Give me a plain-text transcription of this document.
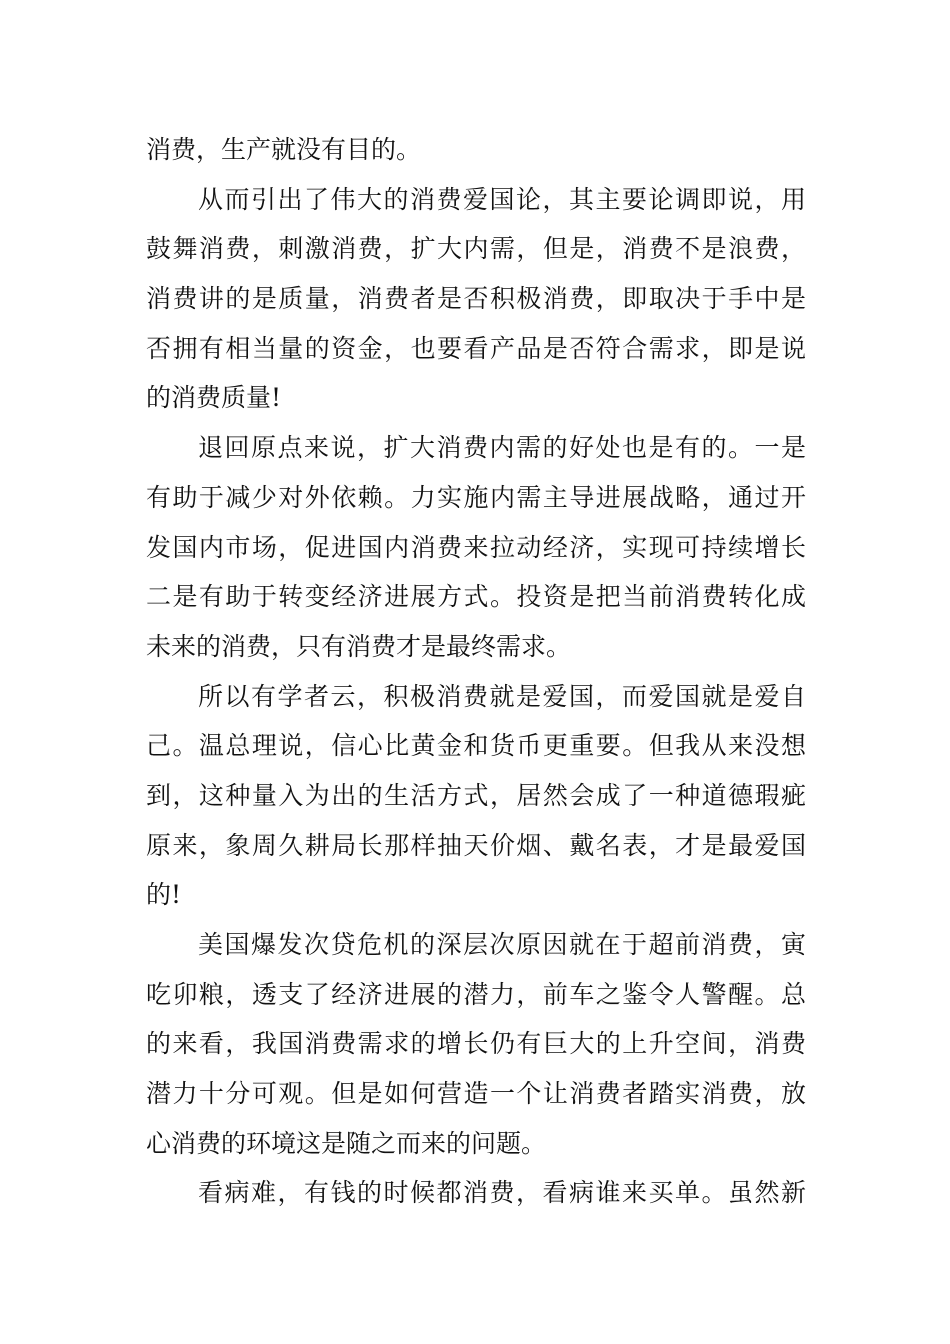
消费，生产就没有目的。
从而引出了伟大的消费爱国论，其主要论调即说，用
鼓舞消费，刺激消费，扩大内需，但是，消费不是浪费，
消费讲的是质量，消费者是否积极消费，即取决于手中是
否拥有相当量的资金，也要看产品是否符合需求，即是说
的消费质量!
退回原点来说，扩大消费内需的好处也是有的。一是
有助于减少对外依赖。力实施内需主导进展战略，通过开
发国内市场，促进国内消费来拉动经济，实现可持续增长
二是有助于转变经济进展方式。投资是把当前消费转化成
未来的消费，只有消费才是最终需求。
所以有学者云，积极消费就是爱国，而爱国就是爱自
己。温总理说，信心比黄金和货币更重要。但我从来没想
到，这种量入为出的生活方式，居然会成了一种道德瑕疵
原来，象周久耕局长那样抽天价烟、戴名表，才是最爱国
的!
美国爆发次贷危机的深层次原因就在于超前消费，寅
吃卯粮，透支了经济进展的潜力，前车之鉴令人警醒。总
的来看，我国消费需求的增长仍有巨大的上升空间，消费
潜力十分可观。但是如何营造一个让消费者踏实消费，放
心消费的环境这是随之而来的问题。
看病难，有钱的时候都消费，看病谁来买单。虽然新
